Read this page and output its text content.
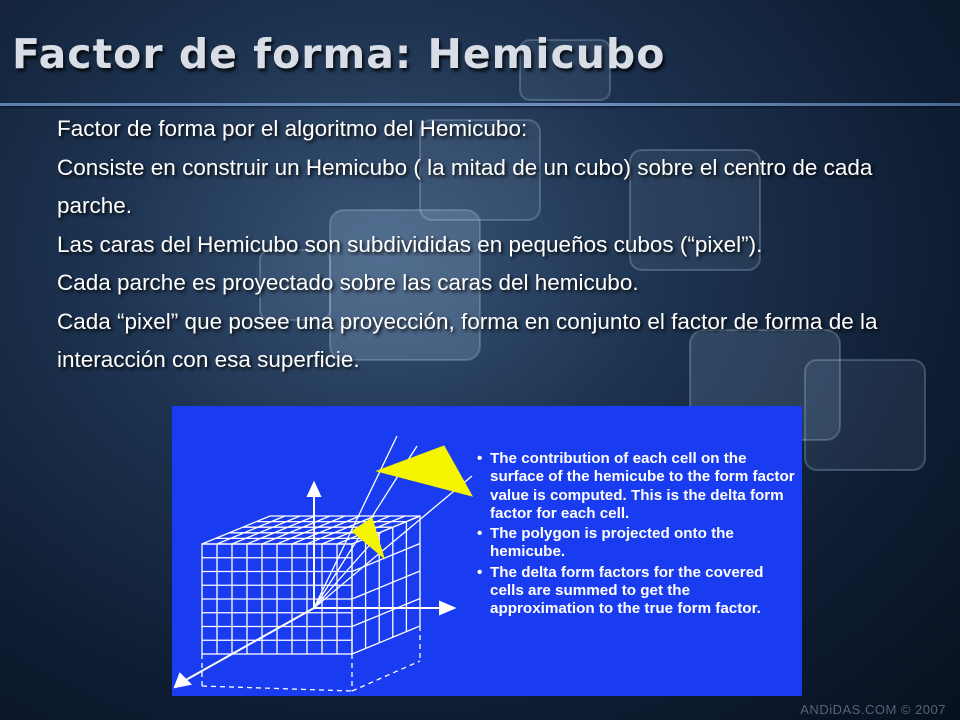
Factor de forma: Hemicubo

Factor de forma por el algoritmo del Hemicubo:

Consiste en construir un Hemicubo ( la mitad de un cubo) sobre el centro de cada parche.

Las caras del Hemicubo son subdivididas en pequeños cubos (“pixel”).

Cada parche es proyectado sobre las caras del hemicubo.

Cada “pixel” que posee una proyección, forma en conjunto el factor de forma de la interacción con esa superficie.

• The contribution of each cell on the surface of the hemicube to the form factor value is computed. This is the delta form factor for each cell.
• The polygon is projected onto the hemicube.
• The delta form factors for the covered cells are summed to get the approximation to the true form factor.
ANDiDAS.COM © 2007
